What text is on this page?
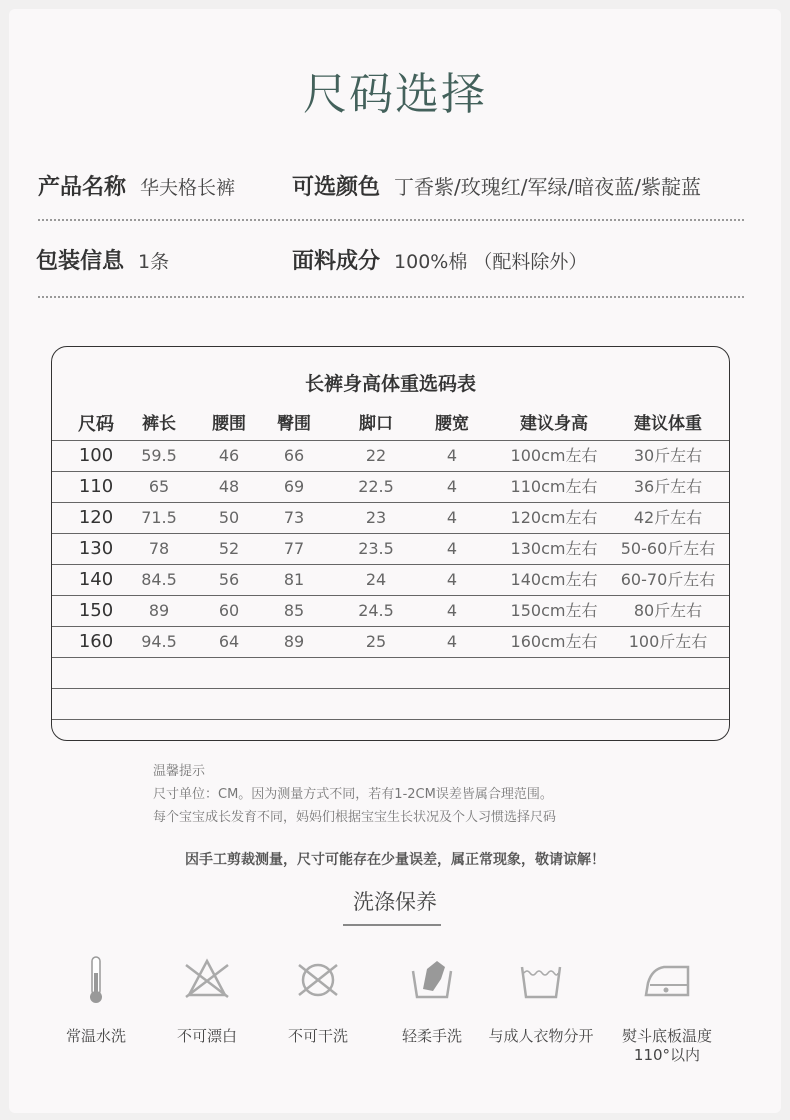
尺码选择
产品名称 华夫格长裤	可选颜色 丁香紫/玫瑰红/军绿/暗夜蓝/紫靛蓝
包装信息 1条	面料成分 100%棉 （配料除外）
长裤身高体重选码表
尺码 裤长 腰围 臀围	脚口 腰宽	建议身高	建议体重
100 59.5	46	66	22	4	100cm左右 30斤左右
110 65	48	69	22.5	4	110cm左右 36斤左右
120 71.5	50	73	23	4	120cm左右 42斤左右
130 78	52	77	23.5	4	130cm左右 50-60斤左右
140 84.5	56	81	24	4	140cm左右 60-70斤左右
150 89	60	85	24.5	4	150cm左右 80斤左右
160 94.5	64	89	25	4	160cm左右 100斤左右
温馨提示
尺寸单位：CM。因为测量方式不同，若有1-2CM误差皆属合理范围。
每个宝宝成长发育不同，妈妈们根据宝宝生长状况及个人习惯选择尺码
因手工剪裁测量，尺寸可能存在少量误差，属正常现象，敬请谅解！
洗涤保养
常温水洗	不可漂白	不可干洗	轻柔手洗	与成人衣物分开	熨斗底板温度
110°以内
